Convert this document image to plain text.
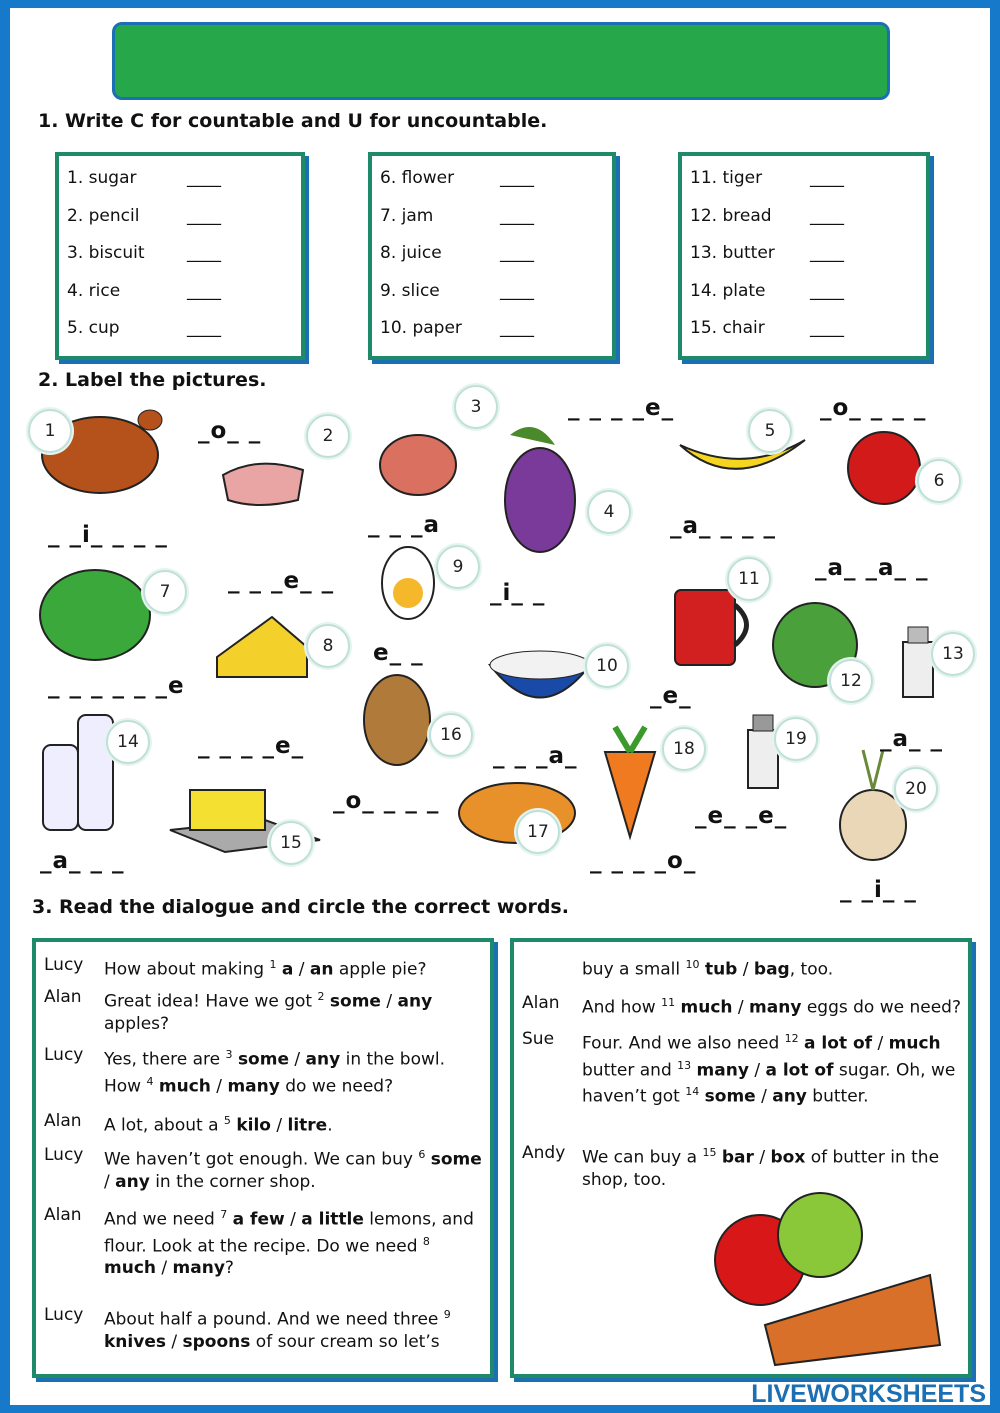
1. Write C for countable and U for uncountable.
1. sugar	____
2. pencil	____
3. biscuit ____
4. rice	____
5. cup	____
6. flower	____
7. jam	____
8. juice	____
9. slice	____
10. paper ____
11. tiger	____
12. bread ____
13. butter ____
14. plate	____
15. chair	____
2. Label the pictures.
_o_ _
_ _ _ _e_	_o_ _ _ _
_ _i_ _ _ _	_ _ _a	_a_ _ _ _
_ _ _e_ _
e_ _
_i_ _
_a_ _a_ _
_ _ _ _ _ _e	_e_
_ _ _ _e_	_ _ _a_
_a_ _
_o_ _ _ _
_e_ _e_
_ _ _ _o_
_a_ _ _
_ _i_ _
1	2
3
4
5
6
7
8
9
10
11
12
13
14
15
16
17
18	19
20
3. Read the dialogue and circle the correct words.
Lucy How about making $^1$ a / an apple pie?
Alan Great idea! Have we got $^2$ some / any apples?
Lucy Yes, there are $^3$ some / any in the bowl. How $^4$ much / many do we need?
Alan A lot, about a $^5$ kilo / litre.
Lucy We haven’t got enough. We can buy $^6$ some / any in the corner shop.
Alan And we need $^7$ a few / a little lemons, and flour. Look at the recipe. Do we need $^8$ much / many?
Lucy About half a pound. And we need three $^9$ knives / spoons of sour cream so let’s
buy a small $^{10}$ tub / bag, too.
Alan And how $^{11}$ much / many eggs do we need?
Sue Four. And we also need $^{12}$ a lot of / much butter and $^{13}$ many / a lot of sugar. Oh, we haven’t got $^{14}$ some / any butter.
Andy We can buy a $^{15}$ bar / box of butter in the shop, too.
LIVEWORKSHEETS
